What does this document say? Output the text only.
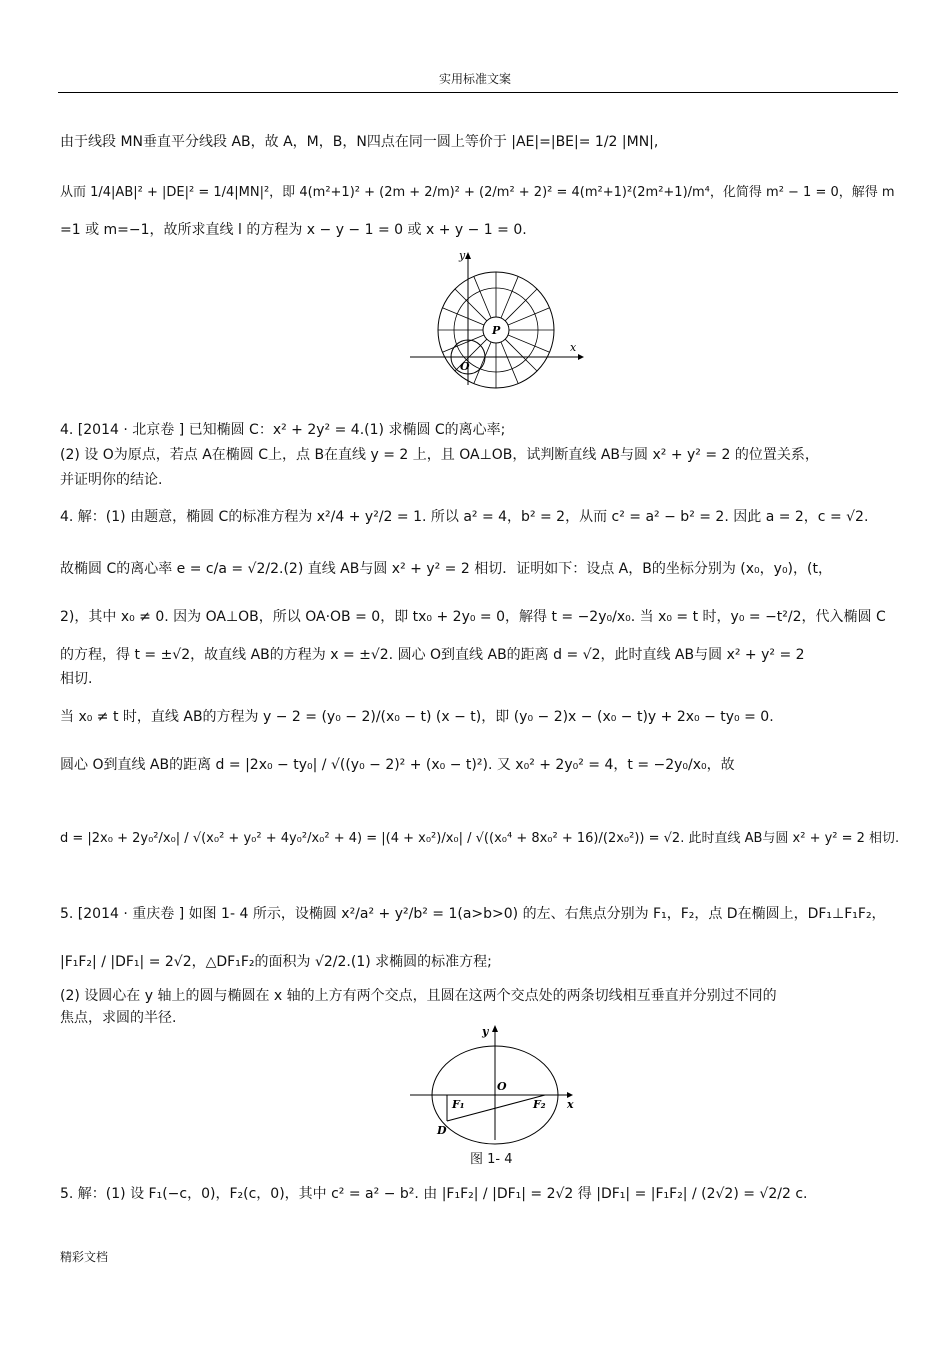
实用标准文案
由于线段 MN垂直平分线段 AB，故 A，M，B，N四点在同一圆上等价于 |AE|=|BE|= 1/2 |MN|,
从而 1/4|AB|² + |DE|² = 1/4|MN|²，即 4(m²+1)² + (2m + 2/m)² + (2/m² + 2)² = 4(m²+1)²(2m²+1)/m⁴，化简得 m² − 1 = 0，解得 m
=1 或 m=−1，故所求直线 l 的方程为 x − y − 1 = 0 或 x + y − 1 = 0.
4. [2014 · 北京卷 ] 已知椭圆 C：x² + 2y² = 4.(1) 求椭圆 C的离心率;
(2) 设 O为原点，若点 A在椭圆 C上，点 B在直线 y = 2 上，且 OA⊥OB，试判断直线 AB与圆 x² + y² = 2 的位置关系，
并证明你的结论.
4. 解：(1) 由题意，椭圆 C的标准方程为 x²/4 + y²/2 = 1. 所以 a² = 4，b² = 2，从而 c² = a² − b² = 2. 因此 a = 2，c = √2.
故椭圆 C的离心率 e = c/a = √2/2.(2) 直线 AB与圆 x² + y² = 2 相切．证明如下：设点 A，B的坐标分别为 (x₀，y₀)，(t，
2)，其中 x₀ ≠ 0. 因为 OA⊥OB，所以 OA·OB = 0，即 tx₀ + 2y₀ = 0，解得 t = −2y₀/x₀. 当 x₀ = t 时，y₀ = −t²/2，代入椭圆 C
的方程，得 t = ±√2，故直线 AB的方程为 x = ±√2. 圆心 O到直线 AB的距离 d = √2，此时直线 AB与圆 x² + y² = 2
相切.
当 x₀ ≠ t 时，直线 AB的方程为 y − 2 = (y₀ − 2)/(x₀ − t) (x − t)，即 (y₀ − 2)x − (x₀ − t)y + 2x₀ − ty₀ = 0.
圆心 O到直线 AB的距离 d = |2x₀ − ty₀| / √((y₀ − 2)² + (x₀ − t)²). 又 x₀² + 2y₀² = 4，t = −2y₀/x₀，故
d = |2x₀ + 2y₀²/x₀| / √(x₀² + y₀² + 4y₀²/x₀² + 4) = |(4 + x₀²)/x₀| / √((x₀⁴ + 8x₀² + 16)/(2x₀²)) = √2. 此时直线 AB与圆 x² + y² = 2 相切.
5. [2014 · 重庆卷 ] 如图 1- 4 所示，设椭圆 x²/a² + y²/b² = 1(a>b>0) 的左、右焦点分别为 F₁，F₂，点 D在椭圆上，DF₁⊥F₁F₂，
|F₁F₂| / |DF₁| = 2√2，△DF₁F₂的面积为 √2/2.(1) 求椭圆的标准方程;
(2) 设圆心在 y 轴上的圆与椭圆在 x 轴的上方有两个交点，且圆在这两个交点处的两条切线相互垂直并分别过不同的
焦点，求圆的半径.
5. 解：(1) 设 F₁(−c，0)，F₂(c，0)，其中 c² = a² − b². 由 |F₁F₂| / |DF₁| = 2√2 得 |DF₁| = |F₁F₂| / (2√2) = √2/2 c.
y
x
P
O
y
x
O
F₁	F₂
D
图 1- 4
精彩文档
